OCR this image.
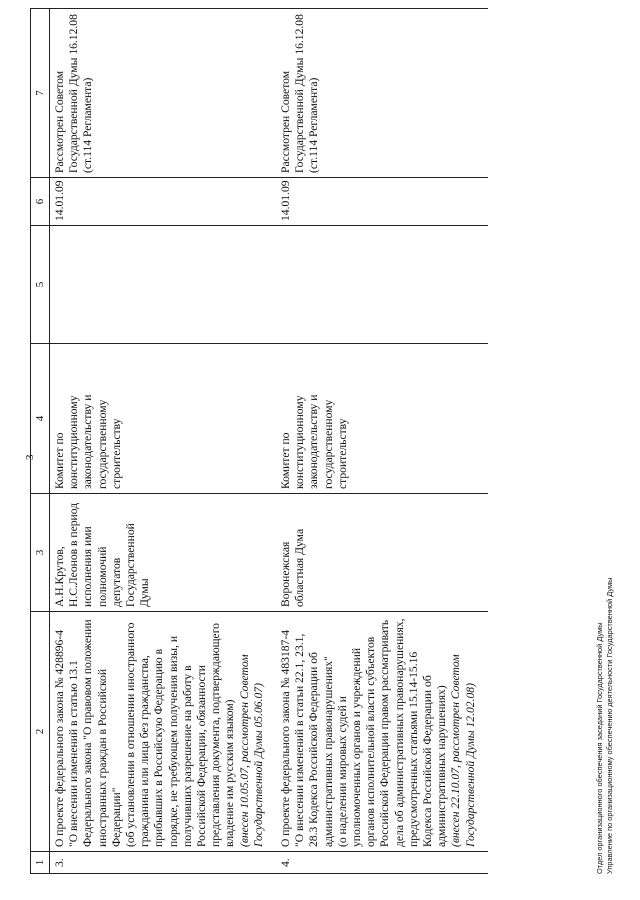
3
1	2	3	4	5	6	7
3.	О проекте федерального закона № 428896-4 "О внесении изменений в статью 13.1 Федерального закона "О правовом положении иностранных граждан в Российской Федерации" (об установлении в отношении иностранного гражданина или лица без гражданства, прибывших в Российскую Федерацию в порядке, не требующем получения визы, и получивших разрешение на работу в Российской Федерации, обязанности представления документа, подтверждающего владение им русским языком) (внесен 10.05.07, рассмотрен Советом Государственной Думы 05.06.07)	А.Н.Крутов, Н.С.Леонов в период исполнения ими полномочий депутатов Государственной Думы	Комитет по конституционному законодательству и государственному строительству		14.01.09	Рассмотрен Советом Государственной Думы 16.12.08 (ст.114 Регламента)
4.	О проекте федерального закона № 483187-4 "О внесении изменений в статьи 22.1, 23.1, 28.3 Кодекса Российской Федерации об административных правонарушениях" (о наделении мировых судей и уполномоченных органов и учреждений органов исполнительной власти субъектов Российской Федерации правом рассматривать дела об административных правонарушениях, предусмотренных статьями 15.14-15.16 Кодекса Российской Федерации об административных нарушениях) (внесен 22.10.07, рассмотрен Советом Государственной Думы 12.02.08)	Воронежская областная Дума	Комитет по конституционному законодательству и государственному строительству		14.01.09	Рассмотрен Советом Государственной Думы 16.12.08 (ст.114 Регламента)
Отдел организационного обеспечения заседаний Государственной Думы Управление по организационному обеспечению деятельности Государственной Думы
